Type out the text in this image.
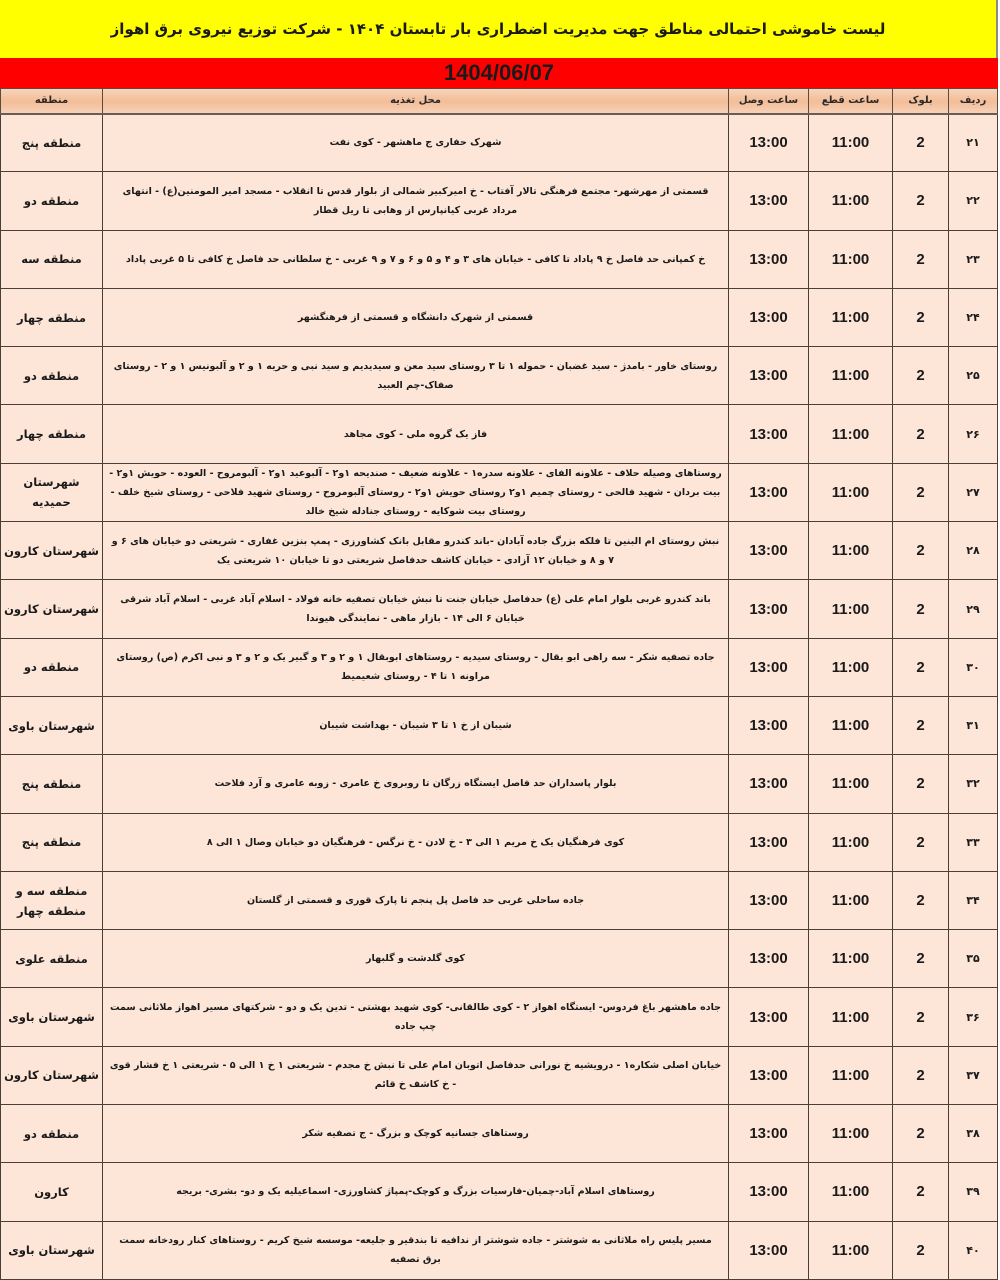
لیست خاموشی احتمالی مناطق جهت مدیریت اضطراری بار تابستان ۱۴۰۴ - شرکت توزیع نیروی برق اهواز
1404/06/07
ردیف	بلوک	ساعت قطع	ساعت وصل	محل تغذیه	منطقه
۲۱	2	11:00	13:00	شهرک حفاری ج ماهشهر - کوی نفت	منطقه پنج
۲۲	2	11:00	13:00	قسمتی از مهرشهر- مجتمع فرهنگی تالار آفتاب - خ امیرکبیر شمالی از بلوار قدس تا انقلاب - مسجد امیر المومنین(ع) - انتهای مرداد غربی کیانپارس از وهابی تا ریل قطار	منطقه دو
۲۳	2	11:00	13:00	خ کمپانی حد فاصل خ ۹ پاداد تا کافی - خیابان های ۳ و ۴ و ۵ و ۶ و ۷ و ۹ غربی - خ سلطانی حد فاصل خ کافی تا ۵ غربی پاداد	منطقه سه
۲۴	2	11:00	13:00	قسمتی از شهرک دانشگاه و قسمتی از فرهنگشهر	منطقه چهار
۲۵	2	11:00	13:00	روستای خاور - بامدژ - سید غضبان - حموله ۱ تا ۳ روستای سید معن و سیدیدیم و سید نبی و حریه ۱ و ۲ و آلبونیس ۱ و ۲ - روستای صفاک-چم العبید	منطقه دو
۲۶	2	11:00	13:00	فاز یک گروه ملی - کوی مجاهد	منطقه چهار
۲۷	2	11:00	13:00	روستاهای وصیله حلاف - علاونه الفای - علاونه سدره۱ - علاونه ضعیف - صندیحه ۱و۲ - آلبوعید ۱و۲ - آلبومروح - العوده - حویش ۱و۲ - بیت بردان - شهید فالحی - روستای چمیم ۱و۲ روستای حویش ۱و۲ - روستای آلبومروح - روستای شهید فلاحی - روستای شیخ خلف - روستای بیت شوکایه - روستای جنادله شیخ خالد	شهرستان حمیدیه
۲۸	2	11:00	13:00	نبش روستای ام البنین تا فلکه بزرگ جاده آبادان -باند کندرو مقابل بانک کشاورزی - پمپ بنزین غفاری - شریعتی دو خیابان های ۶ و ۷ و ۸ و خیابان ۱۲ آزادی - خیابان کاشف حدفاصل شریعتی دو تا خیابان ۱۰ شریعتی یک	شهرستان کارون
۲۹	2	11:00	13:00	باند کندرو غربی بلوار امام علی (ع) حدفاصل خیابان جنت تا نبش خیابان تصفیه خانه فولاد - اسلام آباد غربی - اسلام آباد شرقی خیابان ۶ الی ۱۴ - بازار ماهی - نمایندگی هیوندا	شهرستان کارون
۳۰	2	11:00	13:00	جاده تصفیه شکر - سه راهی ابو بقال - روستای سیدیه - روستاهای ابوبقال ۱ و ۲ و ۳ و گبیر یک و ۲ و ۳ و نبی اکرم (ص) روستای مراونه ۱ تا ۴ - روستای شعیمیط	منطقه دو
۳۱	2	11:00	13:00	شیبان از خ ۱ تا ۳ شیبان - بهداشت شیبان	شهرستان باوی
۳۲	2	11:00	13:00	بلوار پاسداران حد فاصل ایستگاه زرگان تا روبروی خ عامری - زوبه عامری و آرد فلاحت	منطقه پنج
۳۳	2	11:00	13:00	کوی فرهنگیان یک خ مریم ۱ الی ۳ - خ لادن - خ نرگس - فرهنگیان دو خیابان وصال ۱ الی ۸	منطقه پنج
۳۴	2	11:00	13:00	جاده ساحلی غربی حد فاصل پل پنجم تا پارک قوری و قسمتی از گلستان	منطقه سه و منطقه چهار
۳۵	2	11:00	13:00	کوی گلدشت و گلبهار	منطقه علوی
۳۶	2	11:00	13:00	جاده ماهشهر باغ فردوس- ایستگاه اهواز ۲ - کوی طالقانی- کوی شهید بهشتی - تدین یک و دو - شرکتهای مسیر اهواز ملاثانی سمت چپ جاده	شهرستان باوی
۳۷	2	11:00	13:00	خیابان اصلی شکاره۱ - درویشیه خ نورانی حدفاصل اتوبان امام علی تا نبش خ مجدم - شریعتی ۱ خ ۱ الی ۵ - شریعتی ۱ خ فشار قوی - خ کاشف خ قائم	شهرستان کارون
۳۸	2	11:00	13:00	روستاهای جسانیه کوچک و بزرگ - ج تصفیه شکر	منطقه دو
۳۹	2	11:00	13:00	روستاهای اسلام آباد-چمیان-فارسیات بزرگ و کوچک-پمپاژ کشاورزی- اسماعیلیه یک و دو- بشری- بریجه	کارون
۴۰	2	11:00	13:00	مسیر پلیس راه ملاثانی به شوشتر - جاده شوشتر از ندافیه تا بندقیر و جلیعه- موسسه شیخ کریم - روستاهای کنار رودخانه سمت برق تصفیه	شهرستان باوی
